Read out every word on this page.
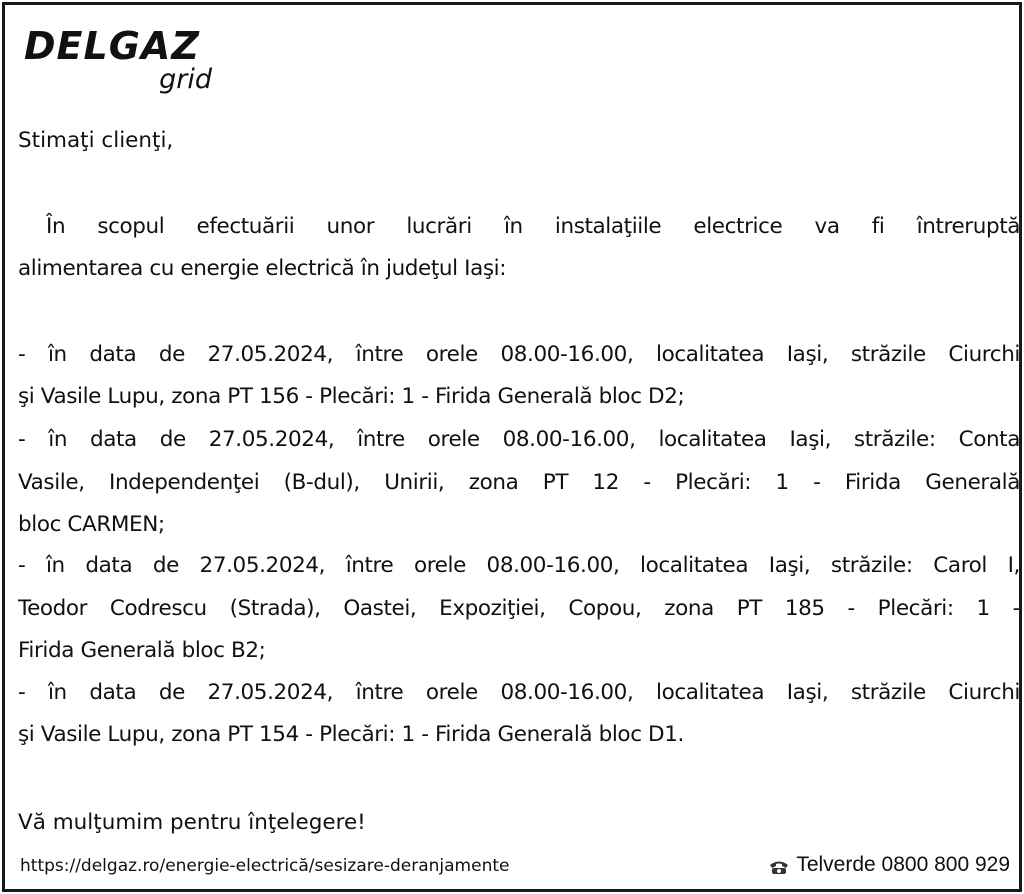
DELGAZ
grid
Stimaţi clienţi,
În scopul efectuării unor lucrări în instalaţiile electrice va fi întreruptă
alimentarea cu energie electrică în judeţul Iaşi:
- în data de 27.05.2024, între orele 08.00-16.00, localitatea Iaşi, străzile Ciurchi
şi Vasile Lupu, zona PT 156 - Plecări: 1 - Firida Generală bloc D2;
- în data de 27.05.2024, între orele 08.00-16.00, localitatea Iaşi, străzile: Conta
Vasile, Independenţei (B-dul), Unirii, zona PT 12 - Plecări: 1 - Firida Generală
bloc CARMEN;
- în data de 27.05.2024, între orele 08.00-16.00, localitatea Iaşi, străzile: Carol I,
Teodor Codrescu (Strada), Oastei, Expoziţiei, Copou, zona PT 185 - Plecări: 1 -
Firida Generală bloc B2;
- în data de 27.05.2024, între orele 08.00-16.00, localitatea Iaşi, străzile Ciurchi
şi Vasile Lupu, zona PT 154 - Plecări: 1 - Firida Generală bloc D1.
Vă mulţumim pentru înţelegere!
https://delgaz.ro/energie-electrică/sesizare-deranjamente	Telverde 0800 800 929
